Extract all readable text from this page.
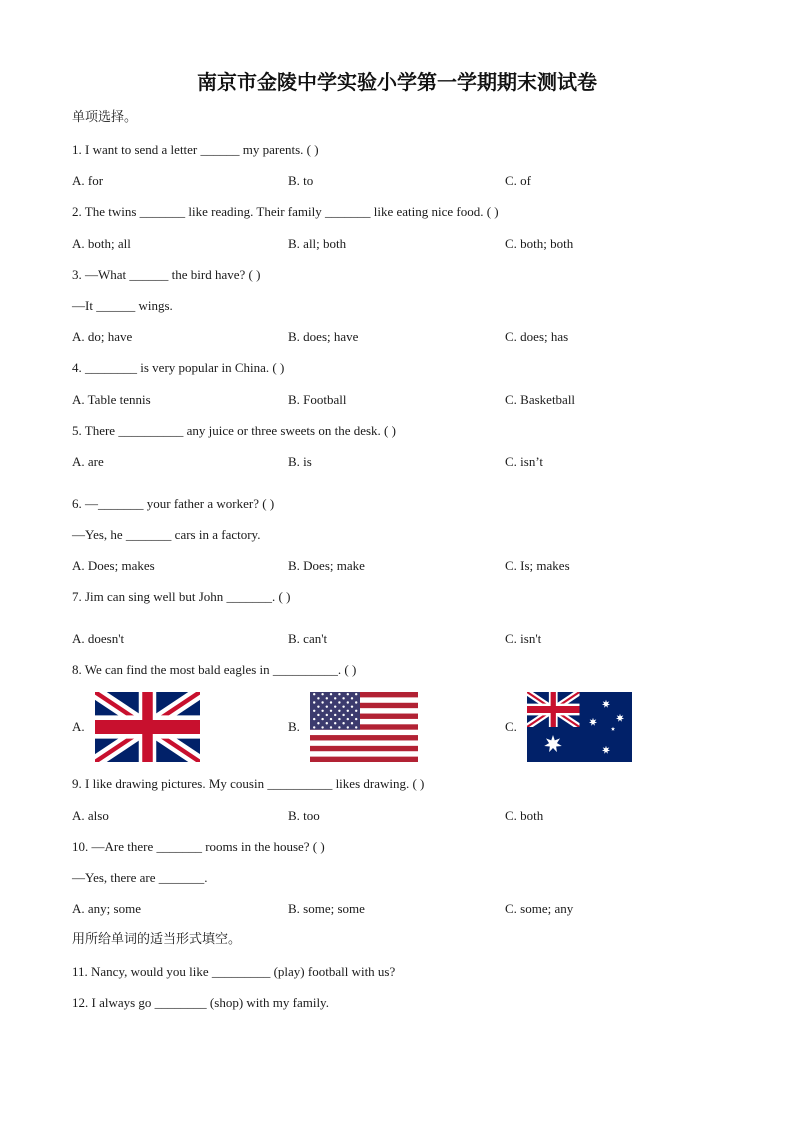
南京市金陵中学实验小学第一学期期末测试卷
单项选择。
1. I want to send a letter ______ my parents. ( )
A. for	B. to	C. of
2. The twins _______ like reading. Their family _______ like eating nice food. ( )
A. both; all	B. all; both	C. both; both
3. —What ______ the bird have? ( )
—It ______ wings.
A. do; have	B. does; have	C. does; has
4. ________ is very popular in China. ( )
A. Table tennis	B. Football	C. Basketball
5. There __________ any juice or three sweets on the desk. ( )
A. are	B. is	C. isn’t
6. —_______ your father a worker? ( )
—Yes, he _______ cars in a factory.
A. Does; makes	B. Does; make	C. Is; makes
7. Jim can sing well but John _______. ( )
A. doesn't	B. can't	C. isn't
8. We can find the most bald eagles in __________. ( )
A.	B.	C.
9. I like drawing pictures. My cousin __________ likes drawing. ( )
A. also	B. too	C. both
10. —Are there _______ rooms in the house? ( )
—Yes, there are _______.
A. any; some	B. some; some	C. some; any
用所给单词的适当形式填空。
11. Nancy, would you like _________ (play) football with us?
12. I always go ________ (shop) with my family.
